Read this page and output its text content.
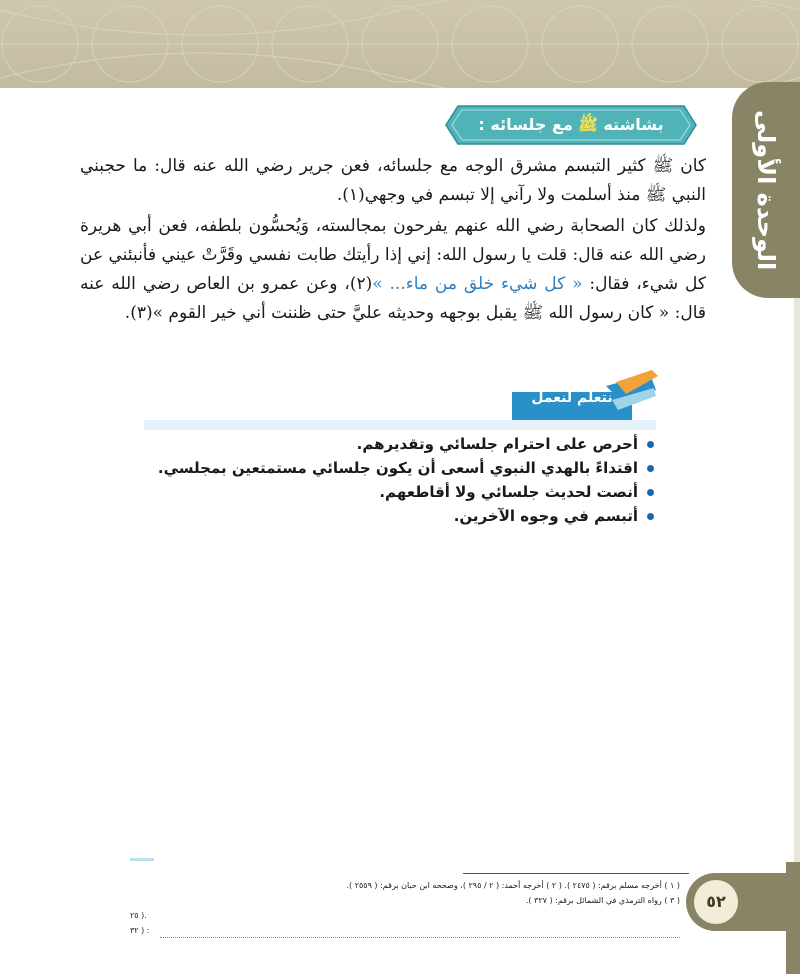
الوحدة الأولى
بشاشته ﷺ مع جلسائه :
كان ﷺ كثير التبسم مشرق الوجه مع جلسائه، فعن جرير رضي الله عنه قال: ما حجبني النبي ﷺ منذ أسلمت ولا رآني إلا تبسم في وجهي(١).
ولذلك كان الصحابة رضي الله عنهم يفرحون بمجالسته، وَيُحسُّون بلطفه، فعن أبي هريرة رضي الله عنه قال: قلت يا رسول الله: إني إذا رأيتك طابت نفسي وقَرَّتْ عيني فأنبئني عن كل شيء، فقال: « كل شيء خلق من ماء... »(٢)، وعن عمرو بن العاص رضي الله عنه قال: « كان رسول الله ﷺ يقبل بوجهه وحديثه عليَّ حتى ظننت أني خير القوم »(٣).
نتعلم لنعمل
أحرص على احترام جلسائي وتقديرهم.
اقتداءً بالهدي النبوي أسعى أن يكون جلسائي مستمتعين بمجلسي.
أنصت لحديث جلسائي ولا أقاطعهم.
أتبسم في وجوه الآخرين.
( ١ ) أخرجه مسلم برقم: ( ٢٤٧٥ ). ( ٢ ) أخرجه أحمد: ( ٢ / ٢٩٥ )، وصححه ابن حبان برقم: ( ٢٥٥٩ ).
( ٣ ) رواه الترمذي في الشمائل برقم: ( ٣٢٧ ).
.( ٢٥
: ( ٣٢
٥٢
